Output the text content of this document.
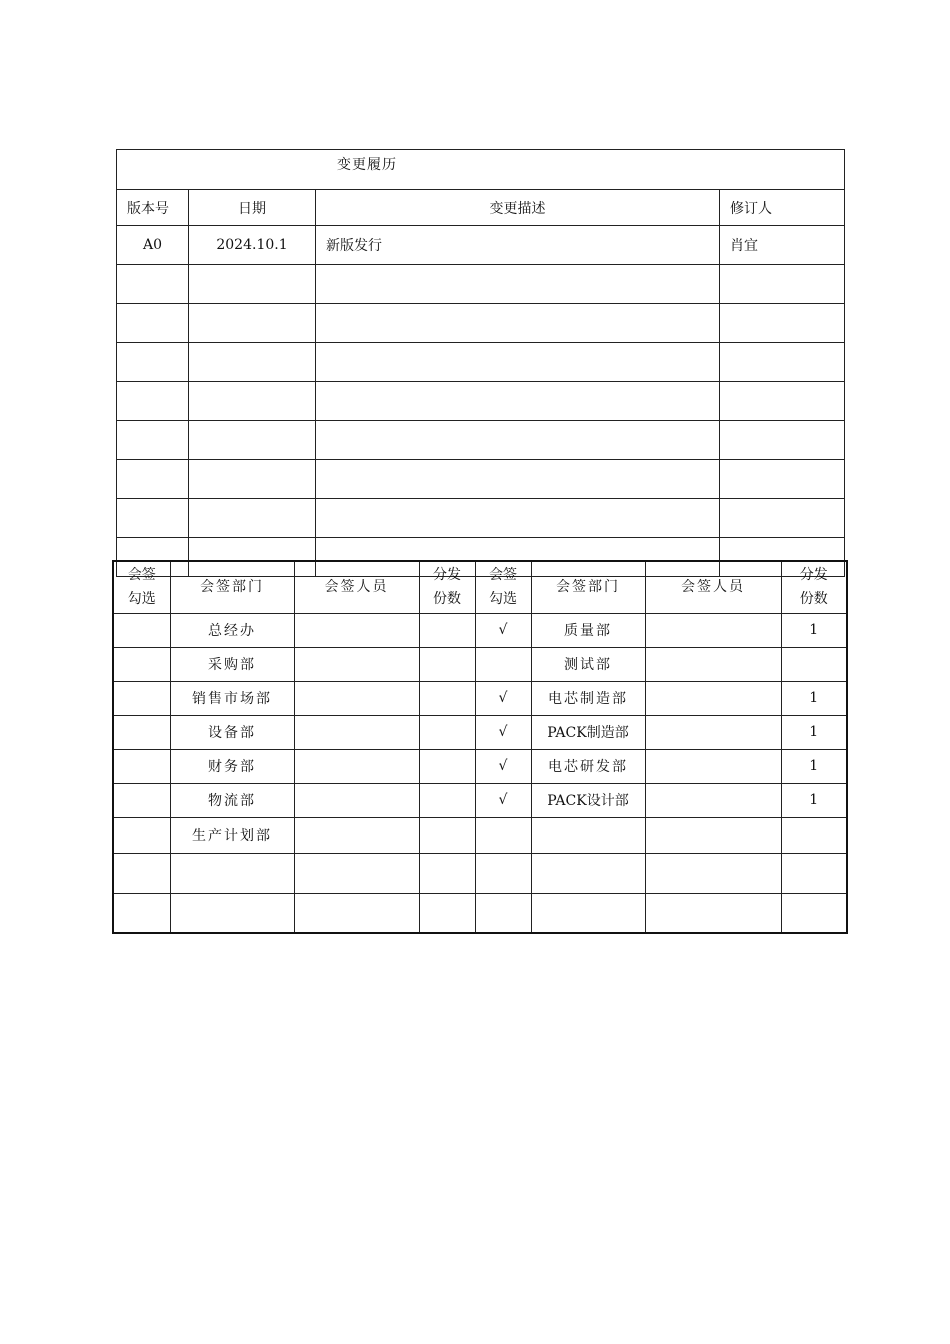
变更履历			
版本号	日期	变更描述	修订人
A0	2024.10.1	新版发行	肖宜

会签勾选	会签部门	会签人员	分发份数	会签勾选	会签部门	会签人员	分发份数

	总经办			√	质量部		1
	采购部				测试部		
	销售市场部			√	电芯制造部		1
	设备部			√	PACK制造部		1
	财务部			√	电芯研发部		1
	物流部			√	PACK设计部		1
	生产计划部						
